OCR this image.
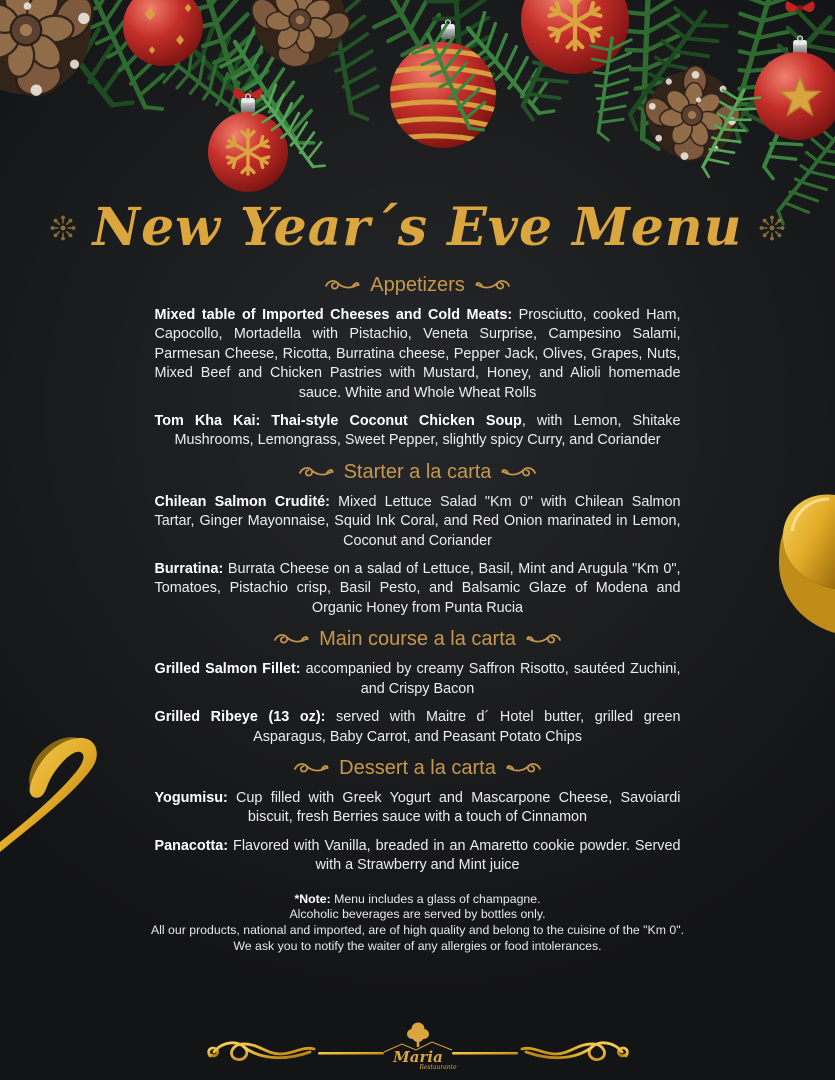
New Year´s Eve Menu
Appetizers

Mixed table of Imported Cheeses and Cold Meats: Prosciutto, cooked Ham, Capocollo, Mortadella with Pistachio, Veneta Surprise, Campesino Salami, Parmesan Cheese, Ricotta, Burratina cheese, Pepper Jack, Olives, Grapes, Nuts, Mixed Beef and Chicken Pastries with Mustard, Honey, and Alioli homemade sauce. White and Whole Wheat Rolls

Tom Kha Kai: Thai-style Coconut Chicken Soup, with Lemon, Shitake Mushrooms, Lemongrass, Sweet Pepper, slightly spicy Curry, and Coriander

Starter a la carta

Chilean Salmon Crudité: Mixed Lettuce Salad "Km 0" with Chilean Salmon Tartar, Ginger Mayonnaise, Squid Ink Coral, and Red Onion marinated in Lemon, Coconut and Coriander

Burratina: Burrata Cheese on a salad of Lettuce, Basil, Mint and Arugula "Km 0", Tomatoes, Pistachio crisp, Basil Pesto, and Balsamic Glaze of Modena and Organic Honey from Punta Rucia

Main course a la carta

Grilled Salmon Fillet: accompanied by creamy Saffron Risotto, sautéed Zuchini, and Crispy Bacon

Grilled Ribeye (13 oz): served with Maitre d´ Hotel butter, grilled green Asparagus, Baby Carrot, and Peasant Potato Chips

Dessert a la carta

Yogumisu: Cup filled with Greek Yogurt and Mascarpone Cheese, Savoiardi biscuit, fresh Berries sauce with a touch of Cinnamon

Panacotta: Flavored with Vanilla, breaded in an Amaretto cookie powder. Served with a Strawberry and Mint juice

*Note: Menu includes a glass of champagne.
Alcoholic beverages are served by bottles only.
All our products, national and imported, are of high quality and belong to the cuisine of the "Km 0".
We ask you to notify the waiter of any allergies or food intolerances.
Maria
Restaurante
